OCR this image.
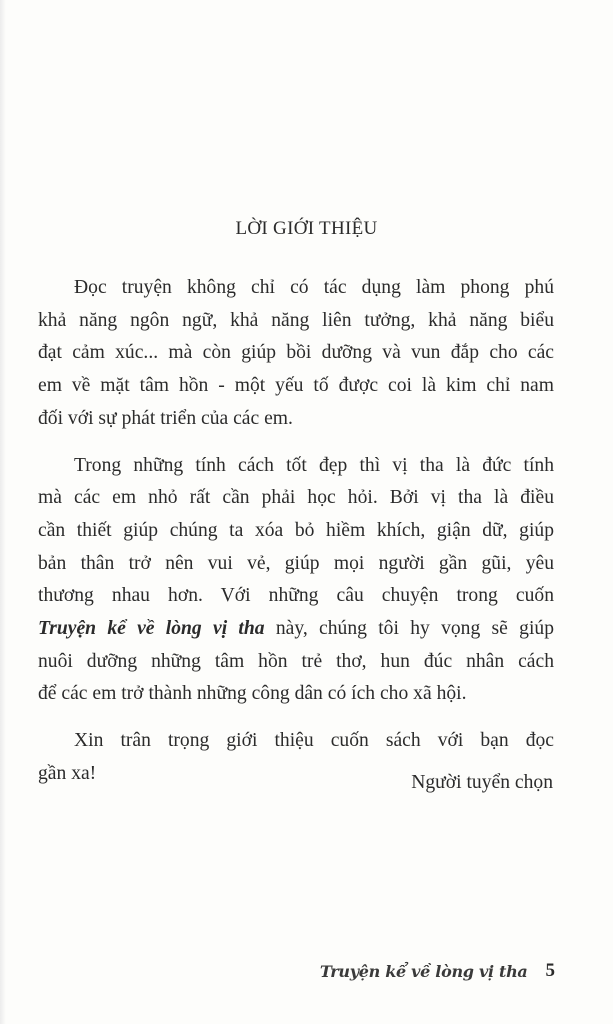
LỜI GIỚI THIỆU
Đọc truyện không chỉ có tác dụng làm phong phú
khả năng ngôn ngữ, khả năng liên tưởng, khả năng biểu
đạt cảm xúc... mà còn giúp bồi dưỡng và vun đắp cho các
em về mặt tâm hồn - một yếu tố được coi là kim chỉ nam
đối với sự phát triển của các em.
Trong những tính cách tốt đẹp thì vị tha là đức tính
mà các em nhỏ rất cần phải học hỏi. Bởi vị tha là điều
cần thiết giúp chúng ta xóa bỏ hiềm khích, giận dữ, giúp
bản thân trở nên vui vẻ, giúp mọi người gần gũi, yêu
thương nhau hơn. Với những câu chuyện trong cuốn
Truyện kể về lòng vị tha này, chúng tôi hy vọng sẽ giúp
nuôi dưỡng những tâm hồn trẻ thơ, hun đúc nhân cách
để các em trở thành những công dân có ích cho xã hội.
Xin trân trọng giới thiệu cuốn sách với bạn đọc
gần xa!	Người tuyển chọn
Truyện kể về lòng vị tha 5
